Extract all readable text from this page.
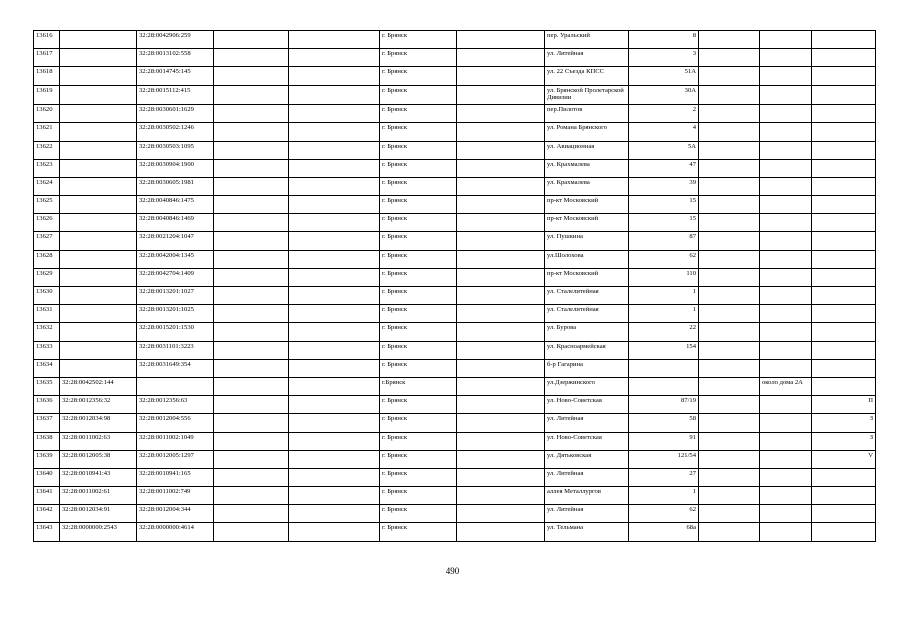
13616		32:28:0042906:259			г. Брянск		пер. Уральский	8			
13617		32:28:0013102:558			г. Брянск		ул. Литейная	3			
13618		32:28:0014745:145			г. Брянск		ул. 22 Съезда КПСС	51А			
13619		32:28:0015112:415			г. Брянск		ул. Брянской Пролетарской Дивизии	30А			
13620		32:28:0030601:1629			г. Брянск		пер.Пилотов	2			
13621		32:28:0030502:1246			г. Брянск		ул. Романа Брянского	4			
13622		32:28:0030503:1095			г. Брянск		ул. Авиационная	5А			
13623		32:28:0030904:1900			г. Брянск		ул. Крахмалева	47			
13624		32:28:0030605:1981			г. Брянск		ул. Крахмалева	39			
13625		32:28:0040846:1475			г. Брянск		пр-кт Московский	15			
13626		32:28:0040846:1469			г. Брянск		пр-кт Московский	15			
13627		32:28:0021204:1047			г. Брянск		ул. Пушкина	87			
13628		32:28:0042004:1345			г. Брянск		ул.Шолохова	62			
13629		32:28:0042704:1409			г. Брянск		пр-кт Московский	110			
13630		32:28:0013201:1027			г. Брянск		ул. Сталелитейная	1			
13631		32:28:0013201:1025			г. Брянск		ул. Сталелитейная	1			
13632		32:28:0015201:1530			г. Брянск		ул. Бурова	22			
13633		32:28:0031101:3223			г. Брянск		ул. Красноармейская	154			
13634		32:28:0031649:354			г. Брянск		б-р Гагарина				
13635	32:28:0042502:144				г.Брянск		ул.Дзержинского			около дома 2А	
13636	32:28:0012356:32	32:28:0012356:63			г. Брянск		ул. Ново-Советская	87/19			П
13637	32:28:0012034:98	32:28:0012004:556			г. Брянск		ул. Литейная	58			З
13638	32:28:0011002:63	32:28:0011002:1049			г. Брянск		ул. Ново-Советская	91			З
13639	32:28:0012005:38	32:28:0012005:1297			г. Брянск		ул. Дятьковская	121/54			V
13640	32:28:0010941:43	32:28:0010941:165			г. Брянск		ул. Литейная	27			
13641	32:28:0011002:61	32:28:0011002:749			г. Брянск		аллея Металлургов	1			
13642	32:28:0012034:91	32:28:0012004:344			г. Брянск		ул. Литейная	62			
13643	32:28:0000000:2543	32:28:0000000:4614			г. Брянск		ул. Тельмана	68а			
490
